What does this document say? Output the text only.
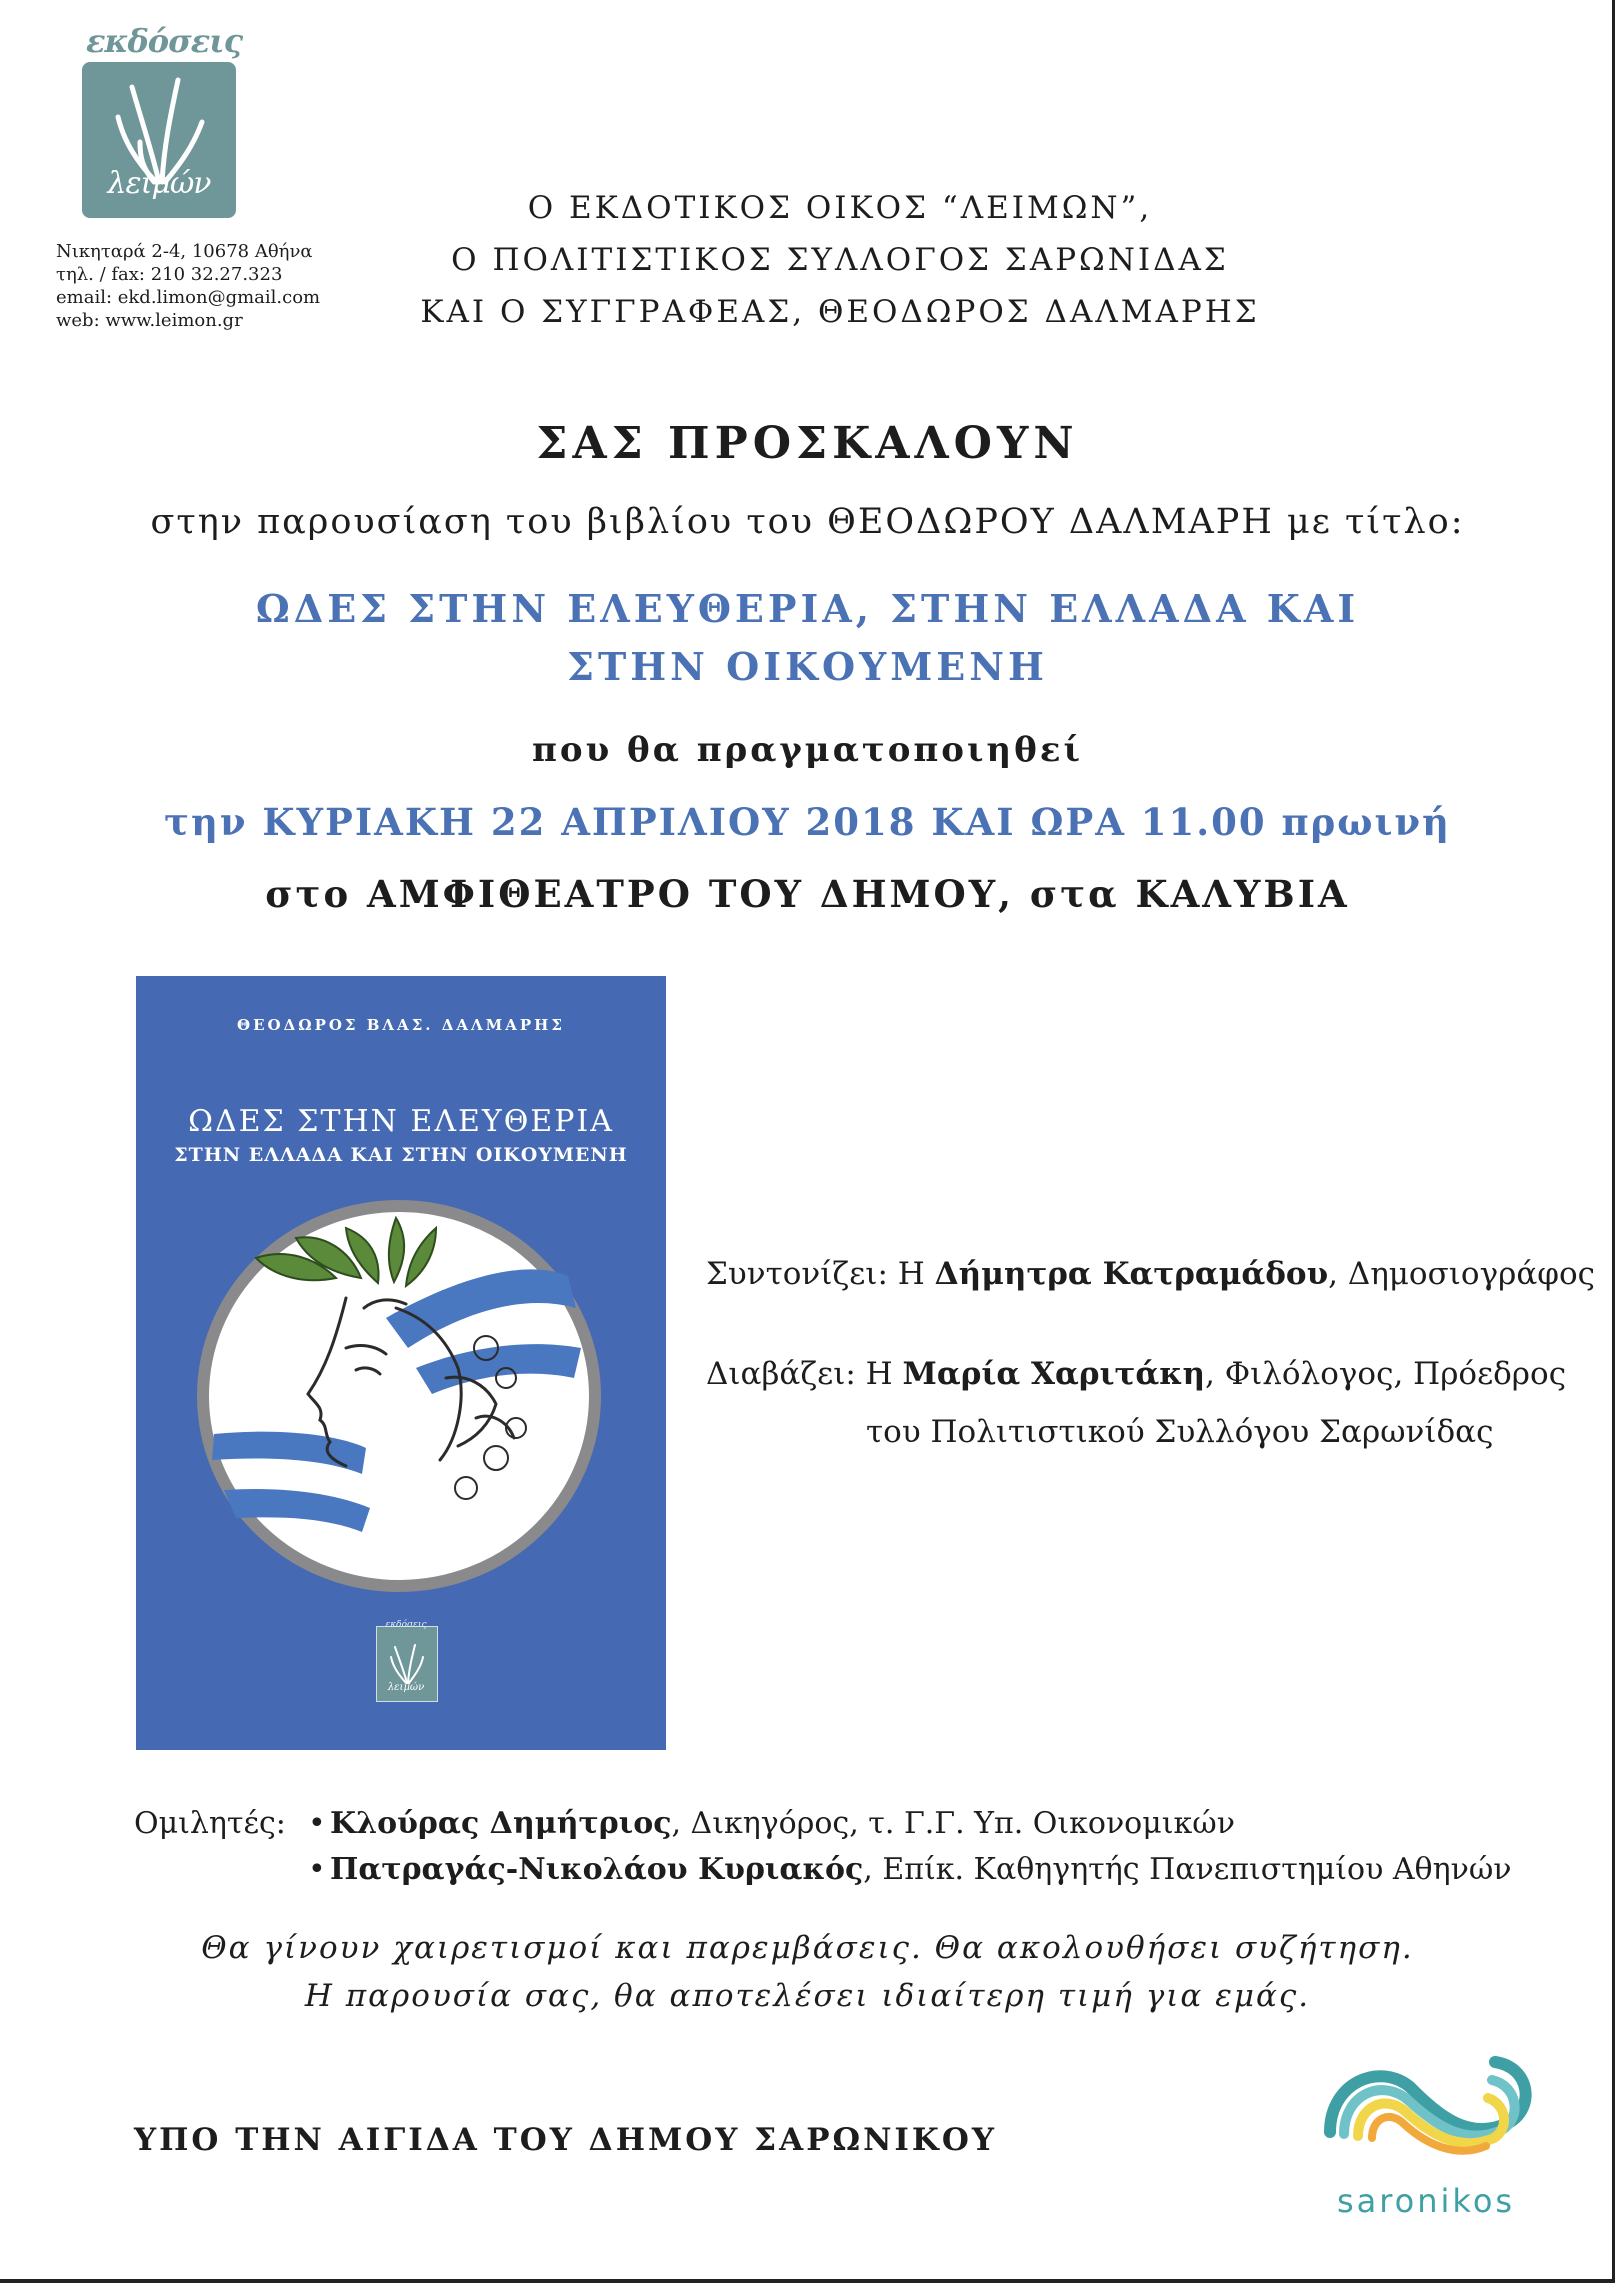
εκδόσεις
λειμών
Νικηταρά 2-4, 10678 Αθήνα
τηλ. / fax: 210 32.27.323
email: ekd.limon@gmail.com
web: www.leimon.gr
Ο ΕΚΔΟΤΙΚΟΣ ΟΙΚΟΣ “ΛΕΙΜΩΝ”,
Ο ΠΟΛΙΤΙΣΤΙΚΟΣ ΣΥΛΛΟΓΟΣ ΣΑΡΩΝΙΔΑΣ
ΚΑΙ Ο ΣΥΓΓΡΑΦΕΑΣ, ΘΕΟΔΩΡΟΣ ΔΑΛΜΑΡΗΣ
ΣΑΣ ΠΡΟΣΚΑΛΟΥΝ
στην παρουσίαση του βιβλίου του ΘΕΟΔΩΡΟΥ ΔΑΛΜΑΡΗ με τίτλο:
ΩΔΕΣ ΣΤΗΝ ΕΛΕΥΘΕΡΙΑ, ΣΤΗΝ ΕΛΛΑΔΑ ΚΑΙ
ΣΤΗΝ ΟΙΚΟΥΜΕΝΗ
που θα πραγματοποιηθεί
την ΚΥΡΙΑΚΗ 22 ΑΠΡΙΛΙΟΥ 2018 ΚΑΙ ΩΡΑ 11.00 πρωινή
στο ΑΜΦΙΘΕΑΤΡΟ ΤΟΥ ΔΗΜΟΥ, στα ΚΑΛΥΒΙΑ
ΘΕΟΔΩΡΟΣ ΒΛΑΣ. ΔΑΛΜΑΡΗΣ
ΩΔΕΣ ΣΤΗΝ ΕΛΕΥΘΕΡΙΑ
ΣΤΗΝ ΕΛΛΑΔΑ ΚΑΙ ΣΤΗΝ ΟΙΚΟΥΜΕΝΗ
εκδόσεις
λειμών
Συντονίζει: Η Δήμητρα Κατραμάδου, Δημοσιογράφος
Διαβάζει: Η Μαρία Χαριτάκη, Φιλόλογος, Πρόεδρος
του Πολιτιστικού Συλλόγου Σαρωνίδας
Ομιλητές: • Κλούρας Δημήτριος, Δικηγόρος, τ. Γ.Γ. Υπ. Οικονομικών
• Πατραγάς-Νικολάου Κυριακός, Επίκ. Καθηγητής Πανεπιστημίου Αθηνών
Θα γίνουν χαιρετισμοί και παρεμβάσεις. Θα ακολουθήσει συζήτηση.
Η παρουσία σας, θα αποτελέσει ιδιαίτερη τιμή για εμάς.
ΥΠΟ ΤΗΝ ΑΙΓΙΔΑ ΤΟΥ ΔΗΜΟΥ ΣΑΡΩΝΙΚΟΥ
saronikos
